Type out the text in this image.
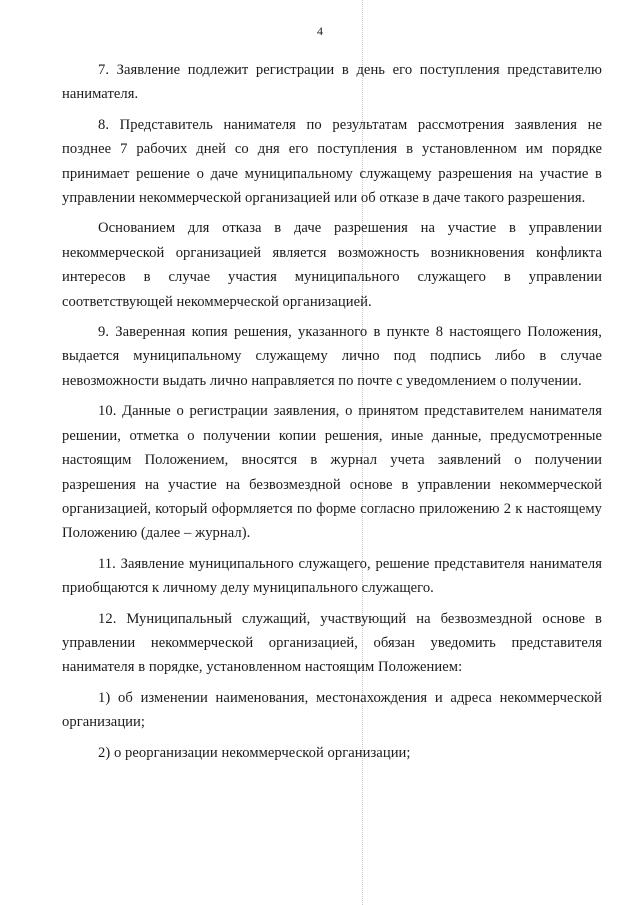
4

7. Заявление подлежит регистрации в день его поступления представителю нанимателя.

8. Представитель нанимателя по результатам рассмотрения заявления не позднее 7 рабочих дней со дня его поступления в установленном им порядке принимает решение о даче муниципальному служащему разрешения на участие в управлении некоммерческой организацией или об отказе в даче такого разрешения.

Основанием для отказа в даче разрешения на участие в управлении некоммерческой организацией является возможность возникновения конфликта интересов в случае участия муниципального служащего в управлении соответствующей некоммерческой организацией.

9. Заверенная копия решения, указанного в пункте 8 настоящего Положения, выдается муниципальному служащему лично под подпись либо в случае невозможности выдать лично направляется по почте с уведомлением о получении.

10. Данные о регистрации заявления, о принятом представителем нанимателя решении, отметка о получении копии решения, иные данные, предусмотренные настоящим Положением, вносятся в журнал учета заявлений о получении разрешения на участие на безвозмездной основе в управлении некоммерческой организацией, который оформляется по форме согласно приложению 2 к настоящему Положению (далее – журнал).

11. Заявление муниципального служащего, решение представителя нанимателя приобщаются к личному делу муниципального служащего.

12. Муниципальный служащий, участвующий на безвозмездной основе в управлении некоммерческой организацией, обязан уведомить представителя нанимателя в порядке, установленном настоящим Положением:

1) об изменении наименования, местонахождения и адреса некоммерческой организации;

2) о реорганизации некоммерческой организации;
